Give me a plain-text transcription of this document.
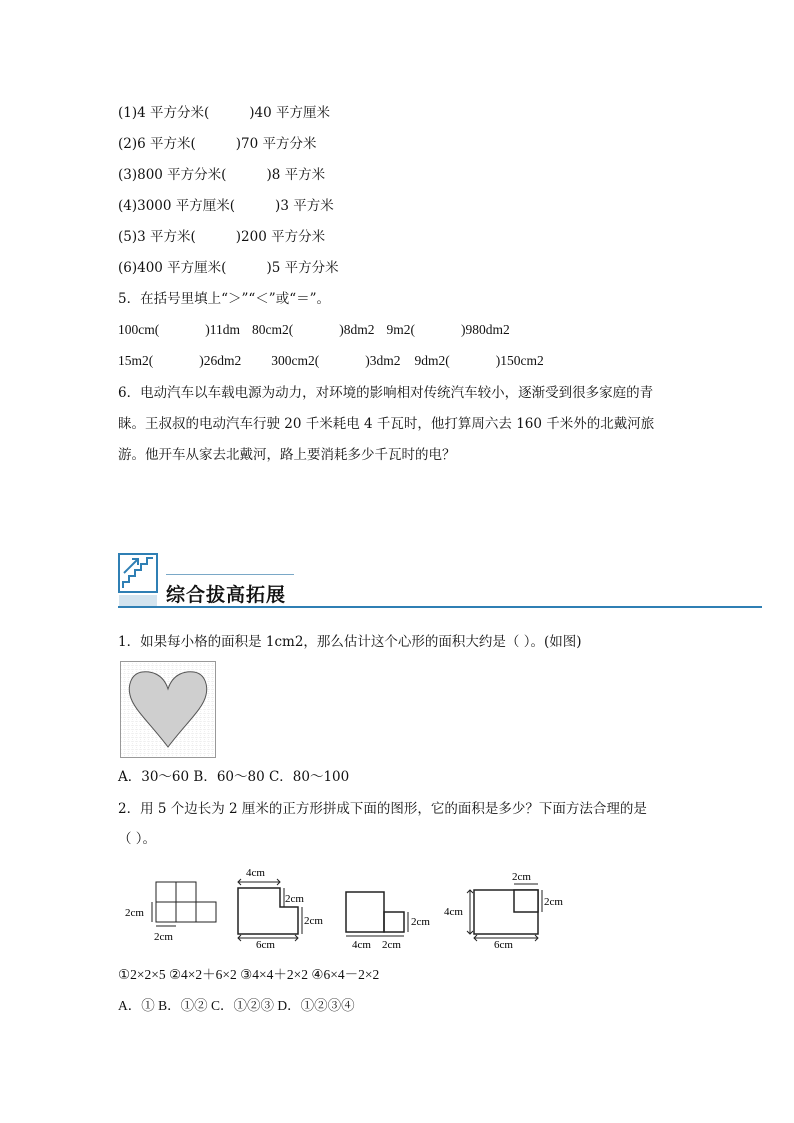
(1)4 平方分米(	)40 平方厘米
(2)6 平方米(	)70 平方分米
(3)800 平方分米(	)8 平方米
(4)3000 平方厘米(	)3 平方米
(5)3 平方米(	)200 平方分米
(6)400 平方厘米(	)5 平方分米
5．在括号里填上“＞”“＜”或“＝”。
100cm(	)11dm 80cm2(	)8dm2 9m2(	)980dm2
15m2(	)26dm2 300cm2(	)3dm2 9dm2(	)150cm2
6．电动汽车以车载电源为动力，对环境的影响相对传统汽车较小，逐渐受到很多家庭的青
睐。王叔叔的电动汽车行驶 20 千米耗电 4 千瓦时，他打算周六去 160 千米外的北戴河旅
游。他开车从家去北戴河，路上要消耗多少千瓦时的电？
综合拔高拓展
1．如果每小格的面积是 1cm2，那么估计这个心形的面积大约是（ ）。(如图)
A．30～60 B．60～80 C．80～100
2．用 5 个边长为 2 厘米的正方形拼成下面的图形，它的面积是多少？下面方法合理的是
（ ）。
2cm
2cm
4cm
2cm
2cm
6cm	4cm 2cm
2cm
2cm
2cm
4cm
6cm
①2×2×5 ②4×2＋6×2 ③4×4＋2×2 ④6×4－2×2
A．① B．①② C．①②③ D．①②③④
